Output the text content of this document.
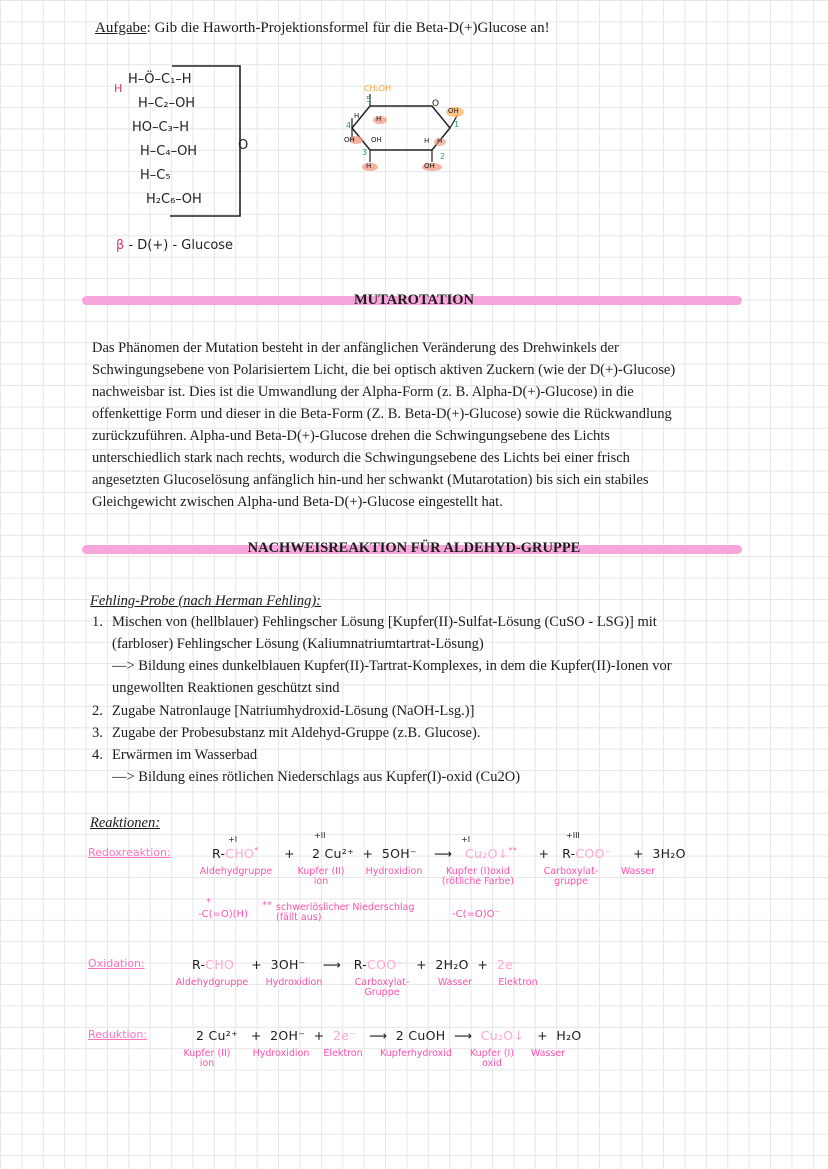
Aufgabe: Gib die Haworth-Projektionsformel für die Beta-D(+)Glucose an!
H
H–Ö–C₁–H
H–C₂–OH
HO–C₃–H
H–C₄–OH
H–C₅
H₂C₆–OH
O
β - D(+) - Glucose
CH₂OH
O
OH
OH OH
OH
H
H
H
H
H
5
4
3	2
1
MUTAROTATION
Das Phänomen der Mutation besteht in der anfänglichen Veränderung des Drehwinkels der
Schwingungsebene von Polarisiertem Licht, die bei optisch aktiven Zuckern (wie der D(+)-Glucose)
nachweisbar ist. Dies ist die Umwandlung der Alpha-Form (z. B. Alpha-D(+)-Glucose) in die
offenkettige Form und dieser in die Beta-Form (Z. B. Beta-D(+)-Glucose) sowie die Rückwandlung
zurückzuführen. Alpha-und Beta-D(+)-Glucose drehen die Schwingungsebene des Lichts
unterschiedlich stark nach rechts, wodurch die Schwingungsebene des Lichts bei einer frisch
angesetzten Glucoselösung anfänglich hin-und her schwankt (Mutarotation) bis sich ein stabiles
Gleichgewicht zwischen Alpha-und Beta-D(+)-Glucose eingestellt hat.
NACHWEISREAKTION FÜR ALDEHYD-GRUPPE
Fehling-Probe (nach Herman Fehling):
1. Mischen von (hellblauer) Fehlingscher Lösung [Kupfer(II)-Sulfat-Lösung (CuSO - LSG)] mit
(farbloser) Fehlingscher Lösung (Kaliumnatriumtartrat-Lösung)
—> Bildung eines dunkelblauen Kupfer(II)-Tartrat-Komplexes, in dem die Kupfer(II)-Ionen vor
ungewollten Reaktionen geschützt sind
2. Zugabe Natronlauge [Natriumhydroxid-Lösung (NaOH-Lsg.)]
3. Zugabe der Probesubstanz mit Aldehyd-Gruppe (z.B. Glucose).
4. Erwärmen im Wasserbad
—> Bildung eines rötlichen Niederschlags aus Kupfer(I)-oxid (Cu2O)
Reaktionen:
Redoxreaktion:
+I	+II	+I	+III
R-CHO* + 2 Cu²⁺ + 5OH⁻ ⟶ Cu₂O↓** + R-COO⁻ + 3H₂O
Aldehydgruppe	Kupfer (II) ion
Hydroxidion	Kupfer (I)oxid (rötliche Farbe)
Carboxylat-gruppe
Wasser
*
-C(=O)(H)
** schwerlöslicher Niederschlag (fällt aus)	-C(=O)O⁻
Oxidation:	R-CHO + 3OH⁻ ⟶ R-COO⁻ + 2H₂O + 2e⁻
Aldehydgruppe	Hydroxidion	Carboxylat-Gruppe
Wasser	Elektron
Reduktion:	2 Cu²⁺ + 2OH⁻ + 2e⁻ ⟶ 2 CuOH ⟶ Cu₂O↓ + H₂O
Kupfer (II) ion
Hydroxidion	Elektron	Kupferhydroxid	Kupfer (I) oxid
Wasser
